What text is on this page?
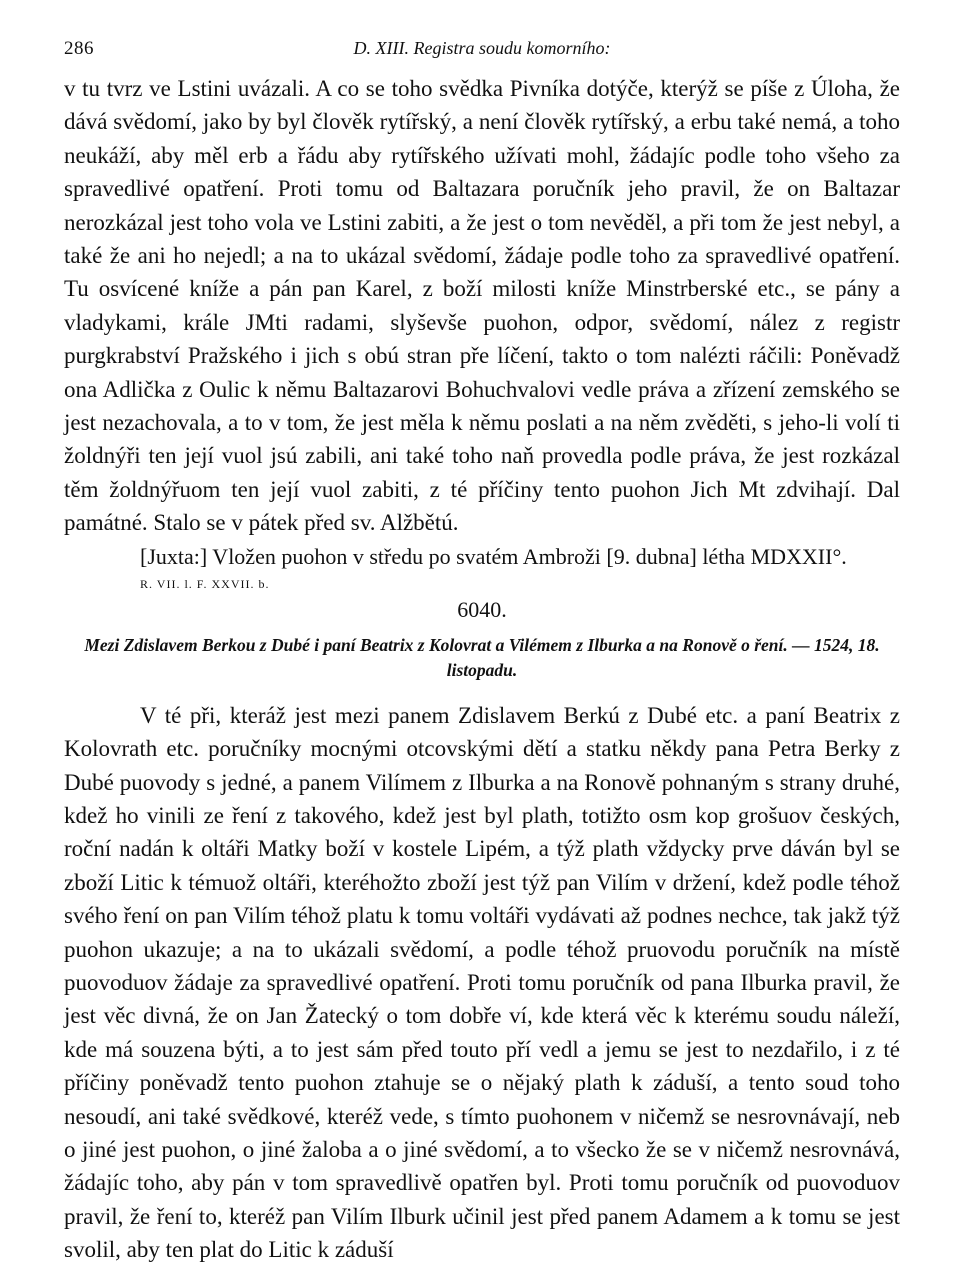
286	D. XIII. Registra soudu komorního:

v tu tvrz ve Lstini uvázali. A co se toho svědka Pivníka dotýče, kterýž se píše z Úloha, že dává svědomí, jako by byl člověk rytířský, a není člověk rytířský, a erbu také nemá, a toho neukáží, aby měl erb a řádu aby rytířského užívati mohl, žádajíc podle toho všeho za spravedlivé opatření. Proti tomu od Baltazara poručník jeho pravil, že on Baltazar nerozkázal jest toho vola ve Lstini zabiti, a že jest o tom nevěděl, a při tom že jest nebyl, a také že ani ho nejedl; a na to ukázal svědomí, žádaje podle toho za spravedlivé opatření. Tu osvícené kníže a pán pan Karel, z boží milosti kníže Minstrberské etc., se pány a vladykami, krále JMti radami, slyševše puohon, odpor, svědomí, nález z registr purgkrabství Pražského i jich s obú stran pře líčení, takto o tom nalézti ráčili: Poněvadž ona Adlička z Oulic k němu Baltazarovi Bohuchvalovi vedle práva a zřízení zemského se jest nezachovala, a to v tom, že jest měla k němu poslati a na něm zvěděti, s jeho-li volí ti žoldnýři ten její vuol jsú zabili, ani také toho naň provedla podle práva, že jest rozkázal těm žoldnýřuom ten její vuol zabiti, z té příčiny tento puohon Jich Mt zdvihají. Dal památné. Stalo se v pátek před sv. Alžbětú.

[Juxta:] Vložen puohon v středu po svatém Ambroži [9. dubna] létha MDXXII°.

R. VII. l. F. XXVII. b.
6040.
Mezi Zdislavem Berkou z Dubé i paní Beatrix z Kolovrat a Vilémem z Ilburka a na Ronově o ření. — 1524, 18. listopadu.

V té při, kteráž jest mezi panem Zdislavem Berkú z Dubé etc. a paní Beatrix z Kolovrath etc. poručníky mocnými otcovskými dětí a statku někdy pana Petra Berky z Dubé puovody s jedné, a panem Vilímem z Ilburka a na Ronově pohnaným s strany druhé, kdež ho vinili ze ření z takového, kdež jest byl plath, totižto osm kop grošuov českých, roční nadán k oltáři Matky boží v kostele Lipém, a týž plath vždycky prve dáván byl se zboží Litic k témuož oltáři, kteréhožto zboží jest týž pan Vilím v držení, kdež podle téhož svého ření on pan Vilím téhož platu k tomu voltáři vydávati až podnes nechce, tak jakž týž puohon ukazuje; a na to ukázali svědomí, a podle téhož pruovodu poručník na místě puovoduov žádaje za spravedlivé opatření. Proti tomu poručník od pana Ilburka pravil, že jest věc divná, že on Jan Žatecký o tom dobře ví, kde která věc k kterému soudu náleží, kde má souzena býti, a to jest sám před touto pří vedl a jemu se jest to nezdařilo, i z té příčiny poněvadž tento puohon ztahuje se o nějaký plath k záduší, a tento soud toho nesoudí, ani také svědkové, kteréž vede, s tímto puohonem v ničemž se nesrovnávají, neb o jiné jest puohon, o jiné žaloba a o jiné svědomí, a to všecko že se v ničemž nesrovnává, žádajíc toho, aby pán v tom spravedlivě opatřen byl. Proti tomu poručník od puovoduov pravil, že ření to, kteréž pan Vilím Ilburk učinil jest před panem Adamem a k tomu se jest svolil, aby ten plat do Litic k záduší
